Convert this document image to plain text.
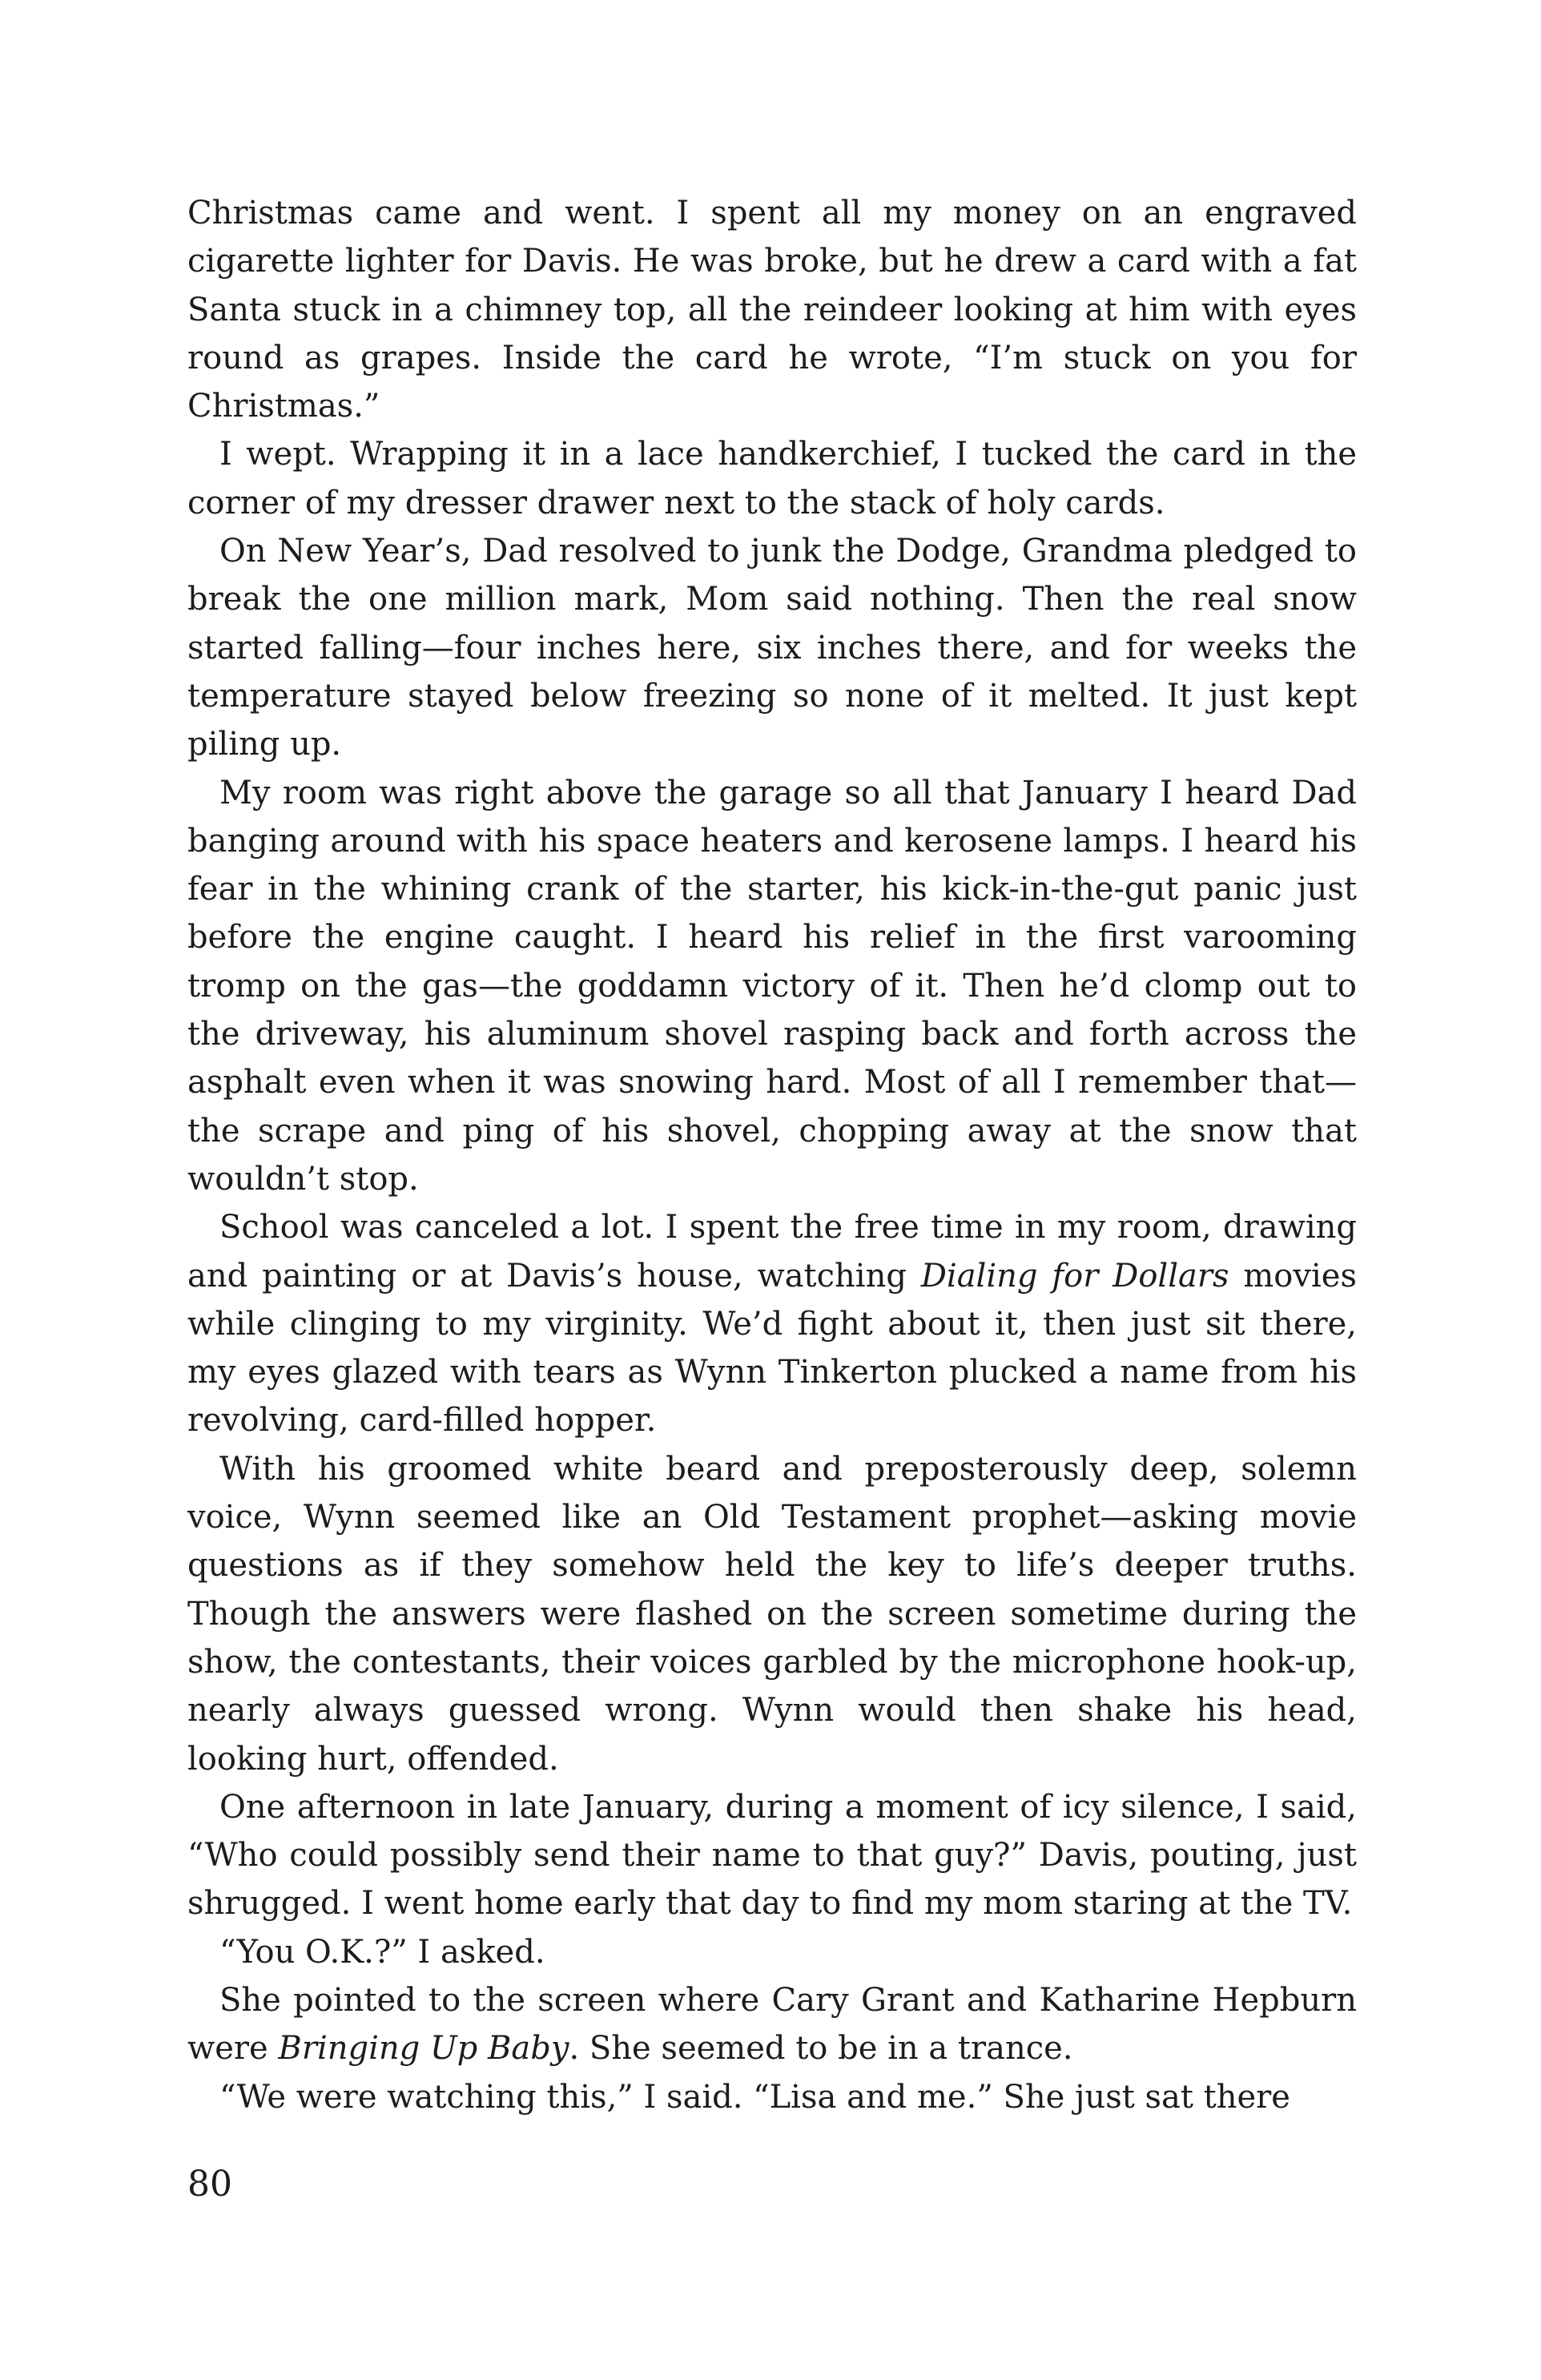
Christmas came and went. I spent all my money on an engraved cigarette lighter for Davis. He was broke, but he drew a card with a fat Santa stuck in a chimney top, all the reindeer looking at him with eyes round as grapes. Inside the card he wrote, “I’m stuck on you for Christmas.”

I wept. Wrapping it in a lace handkerchief, I tucked the card in the corner of my dresser drawer next to the stack of holy cards.

On New Year’s, Dad resolved to junk the Dodge, Grandma pledged to break the one million mark, Mom said nothing. Then the real snow started falling—four inches here, six inches there, and for weeks the temperature stayed below freezing so none of it melted. It just kept piling up.

My room was right above the garage so all that January I heard Dad banging around with his space heaters and kerosene lamps. I heard his fear in the whining crank of the starter, his kick-in-the-gut panic just before the engine caught. I heard his relief in the first varooming tromp on the gas—the goddamn victory of it. Then he’d clomp out to the driveway, his aluminum shovel rasping back and forth across the asphalt even when it was snowing hard. Most of all I remember that—the scrape and ping of his shovel, chopping away at the snow that wouldn’t stop.

School was canceled a lot. I spent the free time in my room, drawing and painting or at Davis’s house, watching Dialing for Dollars movies while clinging to my virginity. We’d fight about it, then just sit there, my eyes glazed with tears as Wynn Tinkerton plucked a name from his revolving, card-filled hopper.

With his groomed white beard and preposterously deep, solemn voice, Wynn seemed like an Old Testament prophet—asking movie questions as if they somehow held the key to life’s deeper truths. Though the answers were flashed on the screen sometime during the show, the contestants, their voices garbled by the microphone hook-up, nearly always guessed wrong. Wynn would then shake his head, looking hurt, offended.

One afternoon in late January, during a moment of icy silence, I said, “Who could possibly send their name to that guy?” Davis, pouting, just shrugged. I went home early that day to find my mom staring at the TV.

“You O.K.?” I asked.

She pointed to the screen where Cary Grant and Katharine Hepburn were Bringing Up Baby. She seemed to be in a trance.

“We were watching this,” I said. “Lisa and me.” She just sat there

80
